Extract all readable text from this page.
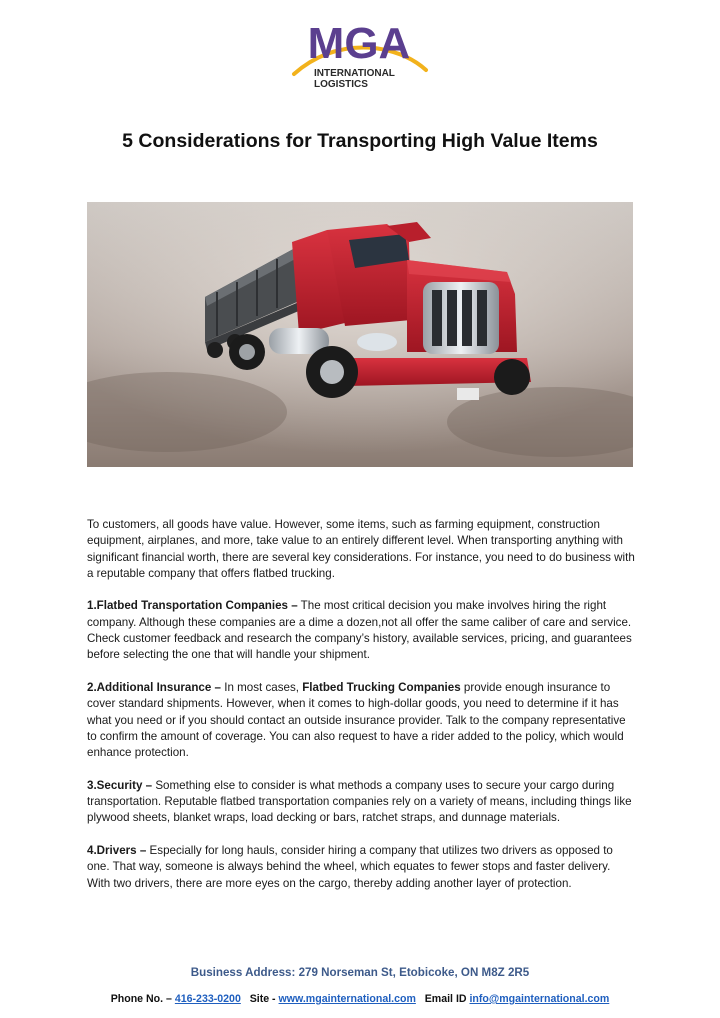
MGA
INTERNATIONAL
LOGISTICS
5 Considerations for Transporting High Value Items

To customers, all goods have value. However, some items, such as farming equipment, construction equipment, airplanes, and more, take value to an entirely different level. When transporting anything with significant financial worth, there are several key considerations. For instance, you need to do business with a reputable company that offers flatbed trucking.

1.Flatbed Transportation Companies – The most critical decision you make involves hiring the right company. Although these companies are a dime a dozen,not all offer the same caliber of care and service. Check customer feedback and research the company’s history, available services, pricing, and guarantees before selecting the one that will handle your shipment.

2.Additional Insurance – In most cases, Flatbed Trucking Companies provide enough insurance to cover standard shipments. However, when it comes to high-dollar goods, you need to determine if it has what you need or if you should contact an outside insurance provider. Talk to the company representative to confirm the amount of coverage. You can also request to have a rider added to the policy, which would enhance protection.

3.Security – Something else to consider is what methods a company uses to secure your cargo during transportation. Reputable flatbed transportation companies rely on a variety of means, including things like plywood sheets, blanket wraps, load decking or bars, ratchet straps, and dunnage materials.

4.Drivers – Especially for long hauls, consider hiring a company that utilizes two drivers as opposed to one. That way, someone is always behind the wheel, which equates to fewer stops and faster delivery. With two drivers, there are more eyes on the cargo, thereby adding another layer of protection.

Business Address: 279 Norseman St, Etobicoke, ON M8Z 2R5
Phone No. – 416-233-0200 Site - www.mgainternational.com Email ID info@mgainternational.com
